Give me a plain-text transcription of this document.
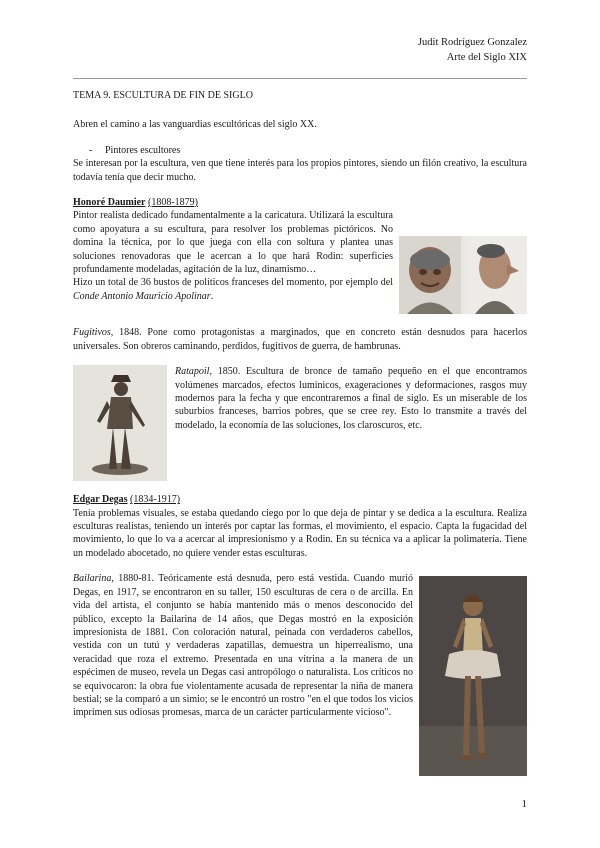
Judit Rodríguez Gonzalez
Arte del Siglo XIX

TEMA 9. ESCULTURA DE FIN DE SIGLO

Abren el camino a las vanguardias escultóricas del siglo XX.

- Pintores escultores

Se interesan por la escultura, ven que tiene interés para los propios pintores, siendo un filón creativo, la escultura todavía tenía que decir mucho.

Honoré Daumier (1808-1879)

Pintor realista dedicado fundamentalmente a la caricatura. Utilizará la escultura como apoyatura a su escultura, para resolver los problemas pictóricos. No domina la técnica, por lo que juega con ella con soltura y plantea unas soluciones renovadoras que le acercan a lo que hará Rodin: superficies profundamente modeladas, agitación de la luz, dinamismo…

Hizo un total de 36 bustos de políticos franceses del momento, por ejemplo del Conde Antonio Mauricio Apolinar.

Fugitivos, 1848. Pone como protagonistas a marginados, que en concreto están desnudos para hacerlos universales. Son obreros caminando, perdidos, fugitivos de guerra, de hambrunas.

Ratapoil, 1850. Escultura de bronce de tamaño pequeño en el que encontramos volúmenes marcados, efectos lumínicos, exageraciones y deformaciones, rasgos muy modernos para la fecha y que encontraremos a final de siglo. Es un miserable de los suburbios franceses, barrios pobres, que se cree rey. Esto lo transmite a través del modelado, la economía de las soluciones, los claroscuros, etc.

Edgar Degas (1834-1917)

Tenía problemas visuales, se estaba quedando ciego por lo que deja de pintar y se dedica a la escultura. Realiza esculturas realistas, teniendo un interés por captar las formas, el movimiento, el espacio. Capta la fugacidad del movimiento, lo que lo va a acercar al impresionismo y a Rodin. En su técnica va a aplicar la polimatería. Tiene un modelado abocetado, no quiere vender estas esculturas.

Bailarina, 1880-81. Teóricamente está desnuda, pero está vestida. Cuando murió Degas, en 1917, se encontraron en su taller, 150 esculturas de cera o de arcilla. En vida del artista, el conjunto se había mantenido más o menos desconocido del público, excepto la Bailarina de 14 años, que Degas mostró en la exposición impresionista de 1881. Con coloración natural, peinada con verdaderos cabellos, vestida con un tutú y verdaderas zapatillas, demuestra un hiperrealismo, una veracidad que roza el extremo. Presentada en una vitrina a la manera de un espécimen de museo, revela un Degas casi antropólogo o naturalista. Los críticos no se equivocaron: la obra fue violentamente acusada de representar la niña de manera bestial; se la comparó a un simio; se le encontró un rostro "en el que todos los vicios imprimen sus odiosas promesas, marca de un carácter particularmente vicioso".

1
